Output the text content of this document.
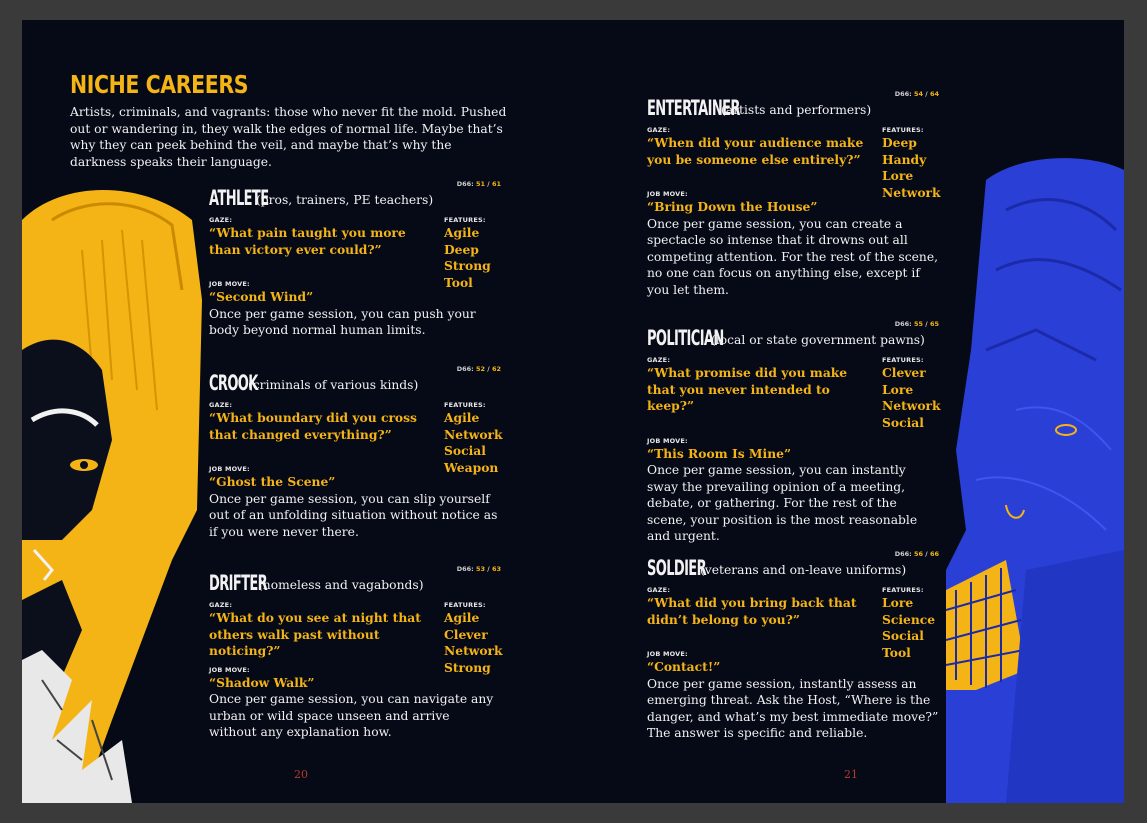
NICHE CAREERS

Artists, criminals, and vagrants: those who never fit the mold. Pushed out or wandering in, they walk the edges of normal life. Maybe that’s why they can peek behind the veil, and maybe that’s why the darkness speaks their language.

ATHLETE
(pros, trainers, PE teachers)
D66: 51 / 61
GAZE:
“What pain taught you more than victory ever could?”
FEATURES:
Agile
Deep
Strong
Tool
JOB MOVE:
“Second Wind”
Once per game session, you can push your body beyond normal human limits.
CROOK
(criminals of various kinds)
D66: 52 / 62
GAZE:
“What boundary did you cross that changed everything?”
FEATURES:
Agile
Network
Social
Weapon
JOB MOVE:
“Ghost the Scene”
Once per game session, you can slip yourself out of an unfolding situation without notice as if you were never there.
DRIFTER
(homeless and vagabonds)
D66: 53 / 63
GAZE:
“What do you see at night that others walk past without noticing?”
FEATURES:
Agile
Clever
Network
Strong
JOB MOVE:
“Shadow Walk”
Once per game session, you can navigate any urban or wild space unseen and arrive without any explanation how.
ENTERTAINER
(artists and performers)
D66: 54 / 64
GAZE:
“When did your audience make you be someone else entirely?”
FEATURES:
Deep
Handy
Lore
Network
JOB MOVE:
“Bring Down the House”
Once per game session, you can create a spectacle so intense that it drowns out all competing attention. For the rest of the scene, no one can focus on anything else, except if you let them.
POLITICIAN
(local or state government pawns)
D66: 55 / 65
GAZE:
“What promise did you make that you never intended to keep?”
FEATURES:
Clever
Lore
Network
Social
JOB MOVE:
“This Room Is Mine”
Once per game session, you can instantly sway the prevailing opinion of a meeting, debate, or gathering. For the rest of the scene, your position is the most reasonable and urgent.
SOLDIER
(veterans and on-leave uniforms)
D66: 56 / 66
GAZE:
“What did you bring back that didn’t belong to you?”
FEATURES:
Lore
Science
Social
Tool
JOB MOVE:
“Contact!”
Once per game session, instantly assess an emerging threat. Ask the Host, “Where is the danger, and what’s my best immediate move?” The answer is specific and reliable.
20	21
